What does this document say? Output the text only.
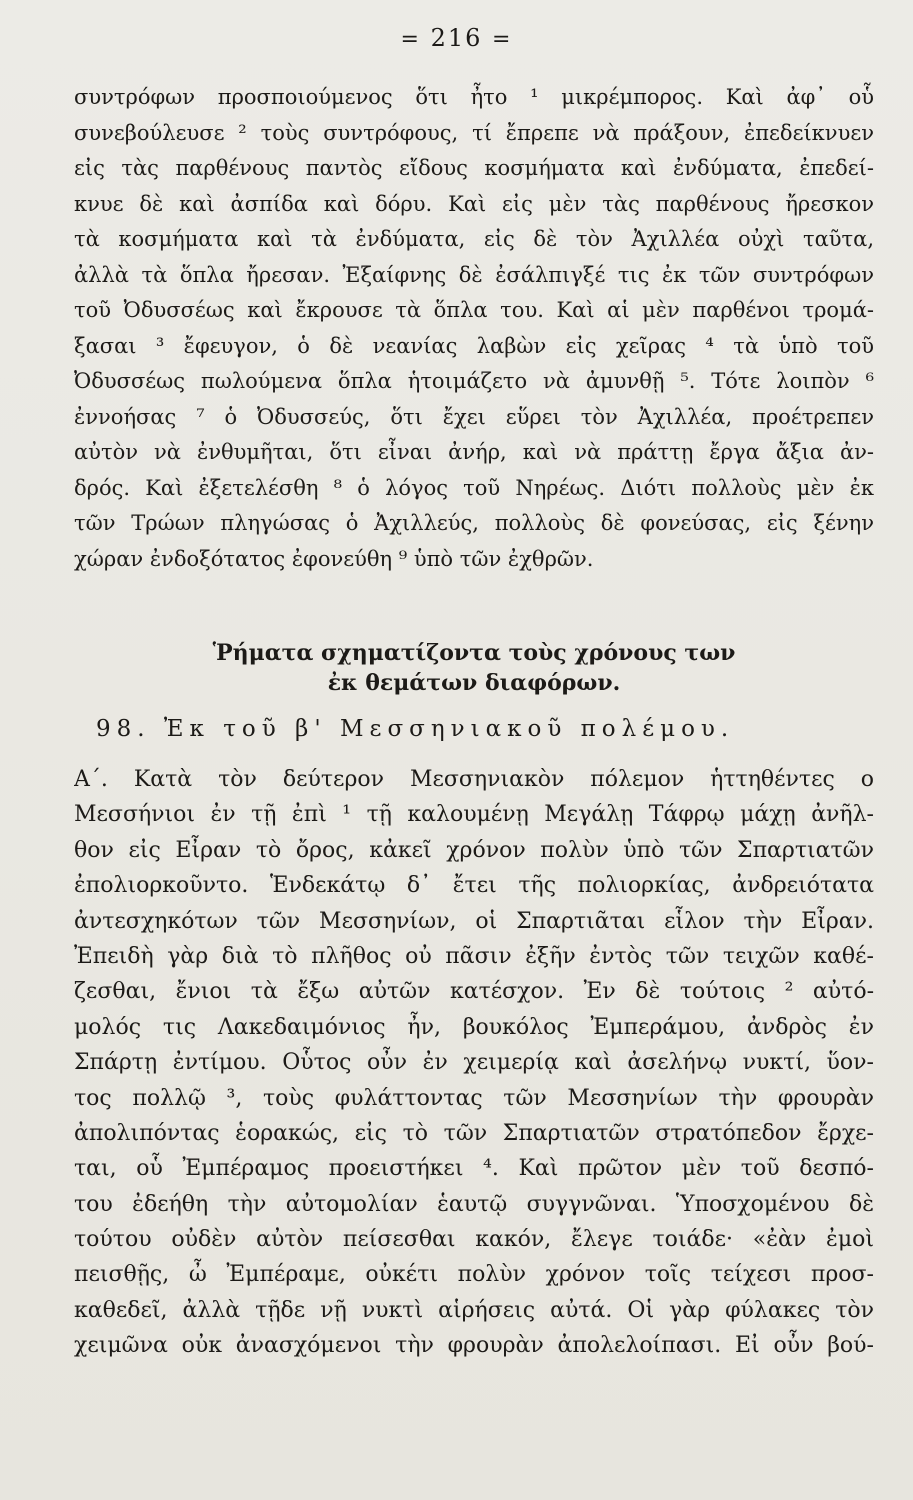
= 216 =
συντρόφων προσποιούμενος ὅτι ἦτο ¹ μικρέμπορος. Καὶ ἀφ᾽ οὗ
συνεβούλευσε ² τοὺς συντρόφους, τί ἔπρεπε νὰ πράξουν, ἐπεδείκνυεν
εἰς τὰς παρθένους παντὸς εἴδους κοσμήματα καὶ ἐνδύματα, ἐπεδεί-
κνυε δὲ καὶ ἀσπίδα καὶ δόρυ. Καὶ εἰς μὲν τὰς παρθένους ἤρεσκον
τὰ κοσμήματα καὶ τὰ ἐνδύματα, εἰς δὲ τὸν Ἀχιλλέα οὐχὶ ταῦτα,
ἀλλὰ τὰ ὅπλα ἤρεσαν. Ἐξαίφνης δὲ ἐσάλπιγξέ τις ἐκ τῶν συντρόφων
τοῦ Ὀδυσσέως καὶ ἔκρουσε τὰ ὅπλα του. Καὶ αἱ μὲν παρθένοι τρομά-
ξασαι ³ ἔφευγον, ὁ δὲ νεανίας λαβὼν εἰς χεῖρας ⁴ τὰ ὑπὸ τοῦ
Ὀδυσσέως πωλούμενα ὅπλα ἡτοιμάζετο νὰ ἀμυνθῇ ⁵. Τότε λοιπὸν ⁶
ἐννοήσας ⁷ ὁ Ὀδυσσεύς, ὅτι ἔχει εὕρει τὸν Ἀχιλλέα, προέτρεπεν
αὐτὸν νὰ ἐνθυμῆται, ὅτι εἶναι ἀνήρ, καὶ νὰ πράττῃ ἔργα ἄξια ἀν-
δρός. Καὶ ἐξετελέσθη ⁸ ὁ λόγος τοῦ Νηρέως. Διότι πολλοὺς μὲν ἐκ
τῶν Τρώων πληγώσας ὁ Ἀχιλλεύς, πολλοὺς δὲ φονεύσας, εἰς ξένην
χώραν ἐνδοξότατος ἐφονεύθη ⁹ ὑπὸ τῶν ἐχθρῶν.
Ῥήματα σχηματίζοντα τοὺς χρόνους των
ἐκ θεμάτων διαφόρων.
98. Ἐκ τοῦ β' Μεσσηνιακοῦ πολέμου.
Α΄. Κατὰ τὸν δεύτερον Μεσσηνιακὸν πόλεμον ἡττηθέντες ο
Μεσσήνιοι ἐν τῇ ἐπὶ ¹ τῇ καλουμένῃ Μεγάλῃ Τάφρῳ μάχῃ ἀνῆλ-
θον εἰς Εἶραν τὸ ὄρος, κἀκεῖ χρόνον πολὺν ὑπὸ τῶν Σπαρτιατῶν
ἐπολιορκοῦντο. Ἑνδεκάτῳ δ᾽ ἔτει τῆς πολιορκίας, ἀνδρειότατα
ἀντεσχηκότων τῶν Μεσσηνίων, οἱ Σπαρτιᾶται εἷλον τὴν Εἶραν.
Ἐπειδὴ γὰρ διὰ τὸ πλῆθος οὐ πᾶσιν ἐξῆν ἐντὸς τῶν τειχῶν καθέ-
ζεσθαι, ἔνιοι τὰ ἔξω αὐτῶν κατέσχον. Ἐν δὲ τούτοις ² αὐτό-
μολός τις Λακεδαιμόνιος ἦν, βουκόλος Ἐμπεράμου, ἀνδρὸς ἐν
Σπάρτῃ ἐντίμου. Οὗτος οὖν ἐν χειμερίᾳ καὶ ἀσελήνῳ νυκτί, ὕον-
τος πολλῷ ³, τοὺς φυλάττοντας τῶν Μεσσηνίων τὴν φρουρὰν
ἀπολιπόντας ἑορακώς, εἰς τὸ τῶν Σπαρτιατῶν στρατόπεδον ἔρχε-
ται, οὗ Ἐμπέραμος προειστήκει ⁴. Καὶ πρῶτον μὲν τοῦ δεσπό-
του ἐδεήθη τὴν αὐτομολίαν ἑαυτῷ συγγνῶναι. Ὑποσχομένου δὲ
τούτου οὐδὲν αὐτὸν πείσεσθαι κακόν, ἔλεγε τοιάδε· «ἐὰν ἐμοὶ
πεισθῇς, ὦ Ἐμπέραμε, οὐκέτι πολὺν χρόνον τοῖς τείχεσι προσ-
καθεδεῖ, ἀλλὰ τῇδε νῇ νυκτὶ αἱρήσεις αὐτά. Οἱ γὰρ φύλακες τὸν
χειμῶνα οὐκ ἀνασχόμενοι τὴν φρουρὰν ἀπολελοίπασι. Εἰ οὖν βού-
